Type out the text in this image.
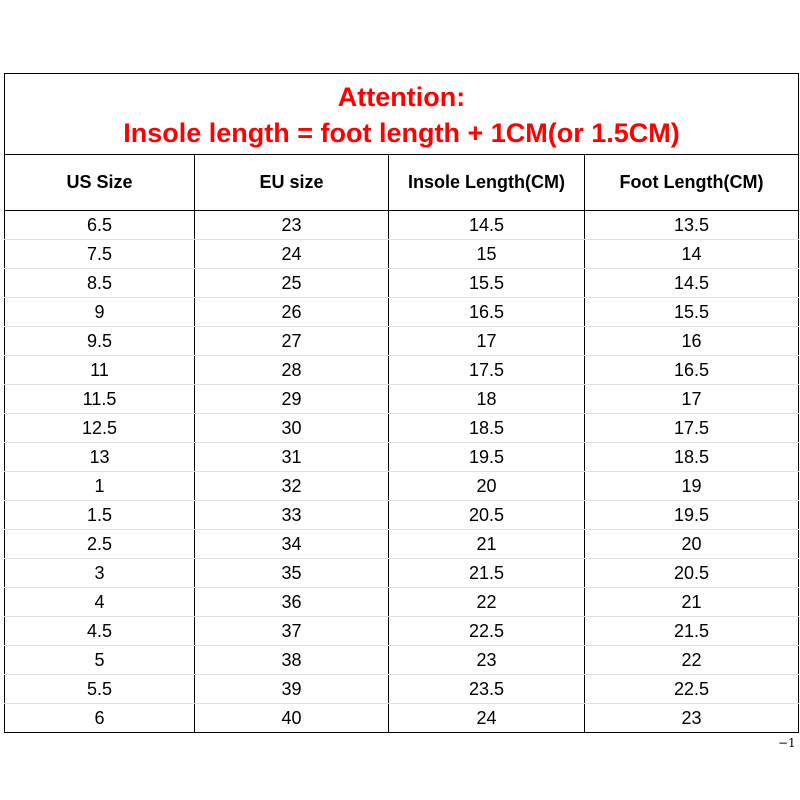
Attention:
Insole length = foot length + 1CM(or 1.5CM)			

US Size	EU size	Insole Length(CM)	Foot Length(CM)
6.5	23	14.5	13.5
7.5	24	15	14
8.5	25	15.5	14.5
9	26	16.5	15.5
9.5	27	17	16
11	28	17.5	16.5
11.5	29	18	17
12.5	30	18.5	17.5
13	31	19.5	18.5
1	32	20	19
1.5	33	20.5	19.5
2.5	34	21	20
3	35	21.5	20.5
4	36	22	21
4.5	37	22.5	21.5
5	38	23	22
5.5	39	23.5	22.5
6	40	24	23
−1
